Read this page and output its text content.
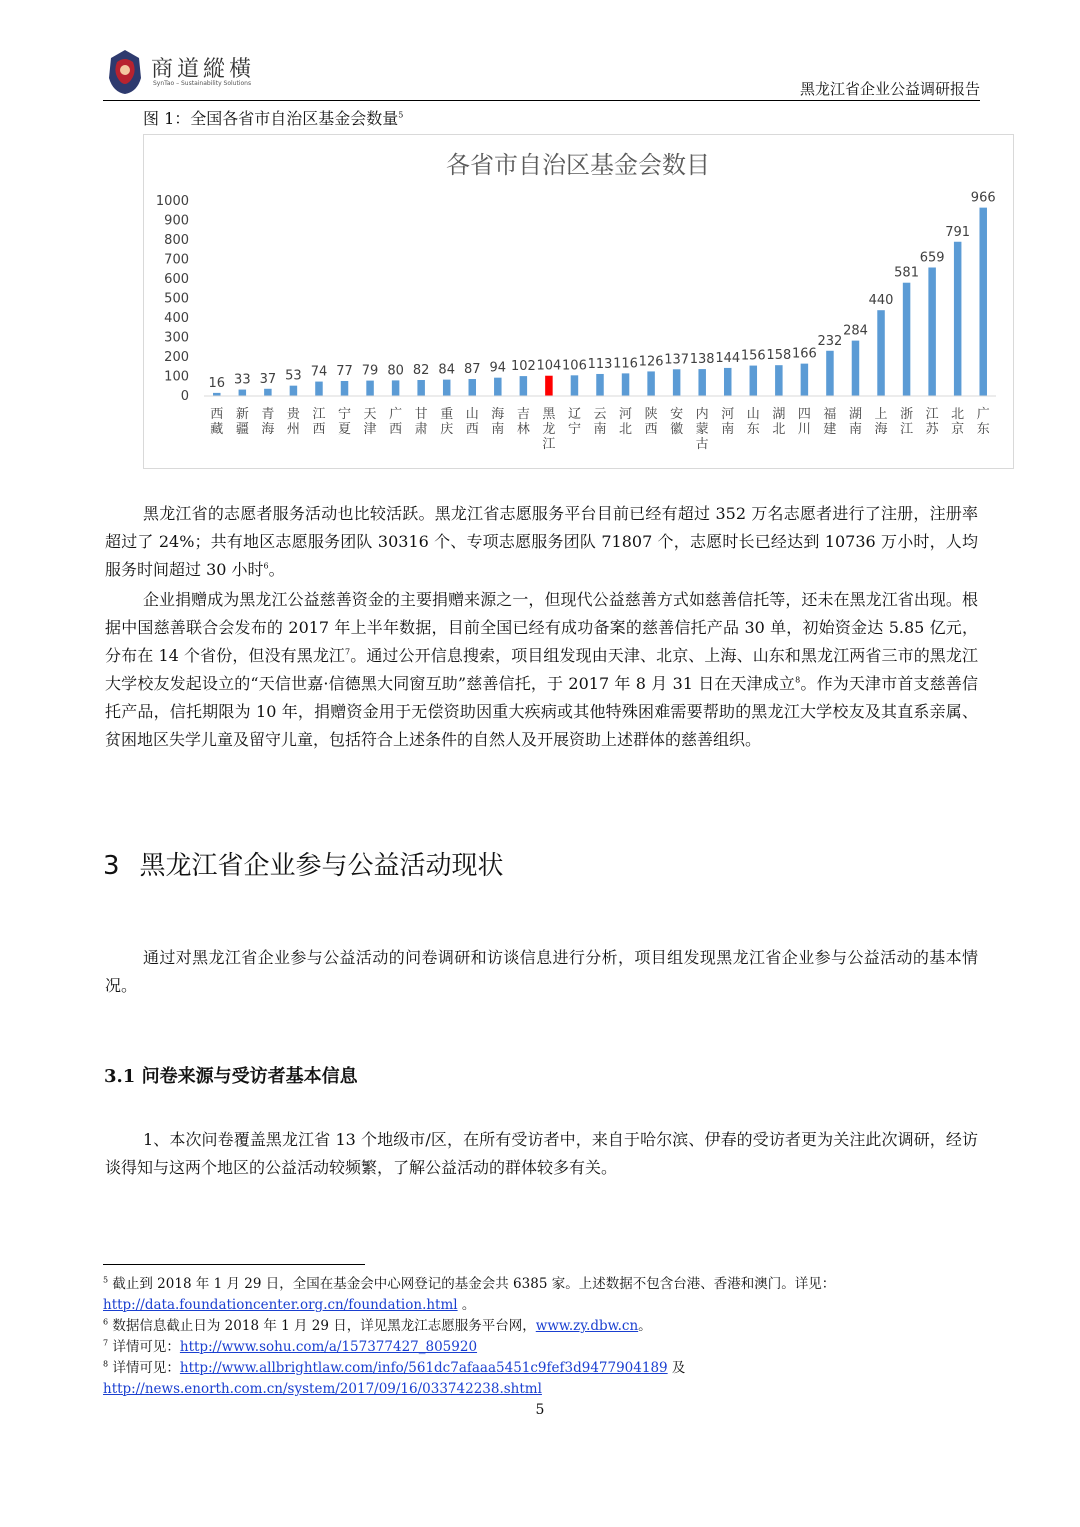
商道縱橫
SynTao – Sustainability Solutions	黑龙江省企业公益调研报告
图 1：全国各省市自治区基金会数量$^5$
各省市自治区基金会数目
0
100
200
300
400
500
600
700
800
900
1000
16 33 37 53 74 77 79 80 82 84 87 94 102 104 106 113 116 126 137 138 144 156 158 166
232
284
440
581
659
791
966
西藏
新疆
青海
贵州
江西
宁夏
天津
广西
甘肃
重庆
山西
海南
吉林
黑龙江
辽宁
云南
河北
陕西
安徽
内蒙古
河南
山东
湖北
四川
福建
湖南
上海
浙江
江苏
北京
广东
黑龙江省的志愿者服务活动也比较活跃。黑龙江省志愿服务平台目前已经有超过 352 万名志愿者进行了注册，注册率超过了 24%；共有地区志愿服务团队 30316 个、专项志愿服务团队 71807 个，志愿时长已经达到 10736 万小时，人均服务时间超过 30 小时$^6$。
企业捐赠成为黑龙江公益慈善资金的主要捐赠来源之一，但现代公益慈善方式如慈善信托等，还未在黑龙江省出现。根据中国慈善联合会发布的 2017 年上半年数据，目前全国已经有成功备案的慈善信托产品 30 单，初始资金达 5.85 亿元，分布在 14 个省份，但没有黑龙江$^7$。通过公开信息搜索，项目组发现由天津、北京、上海、山东和黑龙江两省三市的黑龙江大学校友发起设立的“天信世嘉·信德黑大同窗互助”慈善信托，于 2017 年 8 月 31 日在天津成立$^8$。作为天津市首支慈善信托产品，信托期限为 10 年，捐赠资金用于无偿资助因重大疾病或其他特殊困难需要帮助的黑龙江大学校友及其直系亲属、贫困地区失学儿童及留守儿童，包括符合上述条件的自然人及开展资助上述群体的慈善组织。
3 黑龙江省企业参与公益活动现状
通过对黑龙江省企业参与公益活动的问卷调研和访谈信息进行分析，项目组发现黑龙江省企业参与公益活动的基本情况。
3.1 问卷来源与受访者基本信息
1、本次问卷覆盖黑龙江省 13 个地级市/区，在所有受访者中，来自于哈尔滨、伊春的受访者更为关注此次调研，经访谈得知与这两个地区的公益活动较频繁，了解公益活动的群体较多有关。

$^5$ 截止到 2018 年 1 月 29 日，全国在基金会中心网登记的基金会共 6385 家。上述数据不包含台港、香港和澳门。详见：
http://data.foundationcenter.org.cn/foundation.html 。

$^6$ 数据信息截止日为 2018 年 1 月 29 日，详见黑龙江志愿服务平台网，www.zy.dbw.cn。

$^7$ 详情可见：http://www.sohu.com/a/157377427_805920

$^8$ 详情可见：http://www.allbrightlaw.com/info/561dc7afaaa5451c9fef3d9477904189 及
http://news.enorth.com.cn/system/2017/09/16/033742238.shtml

5
